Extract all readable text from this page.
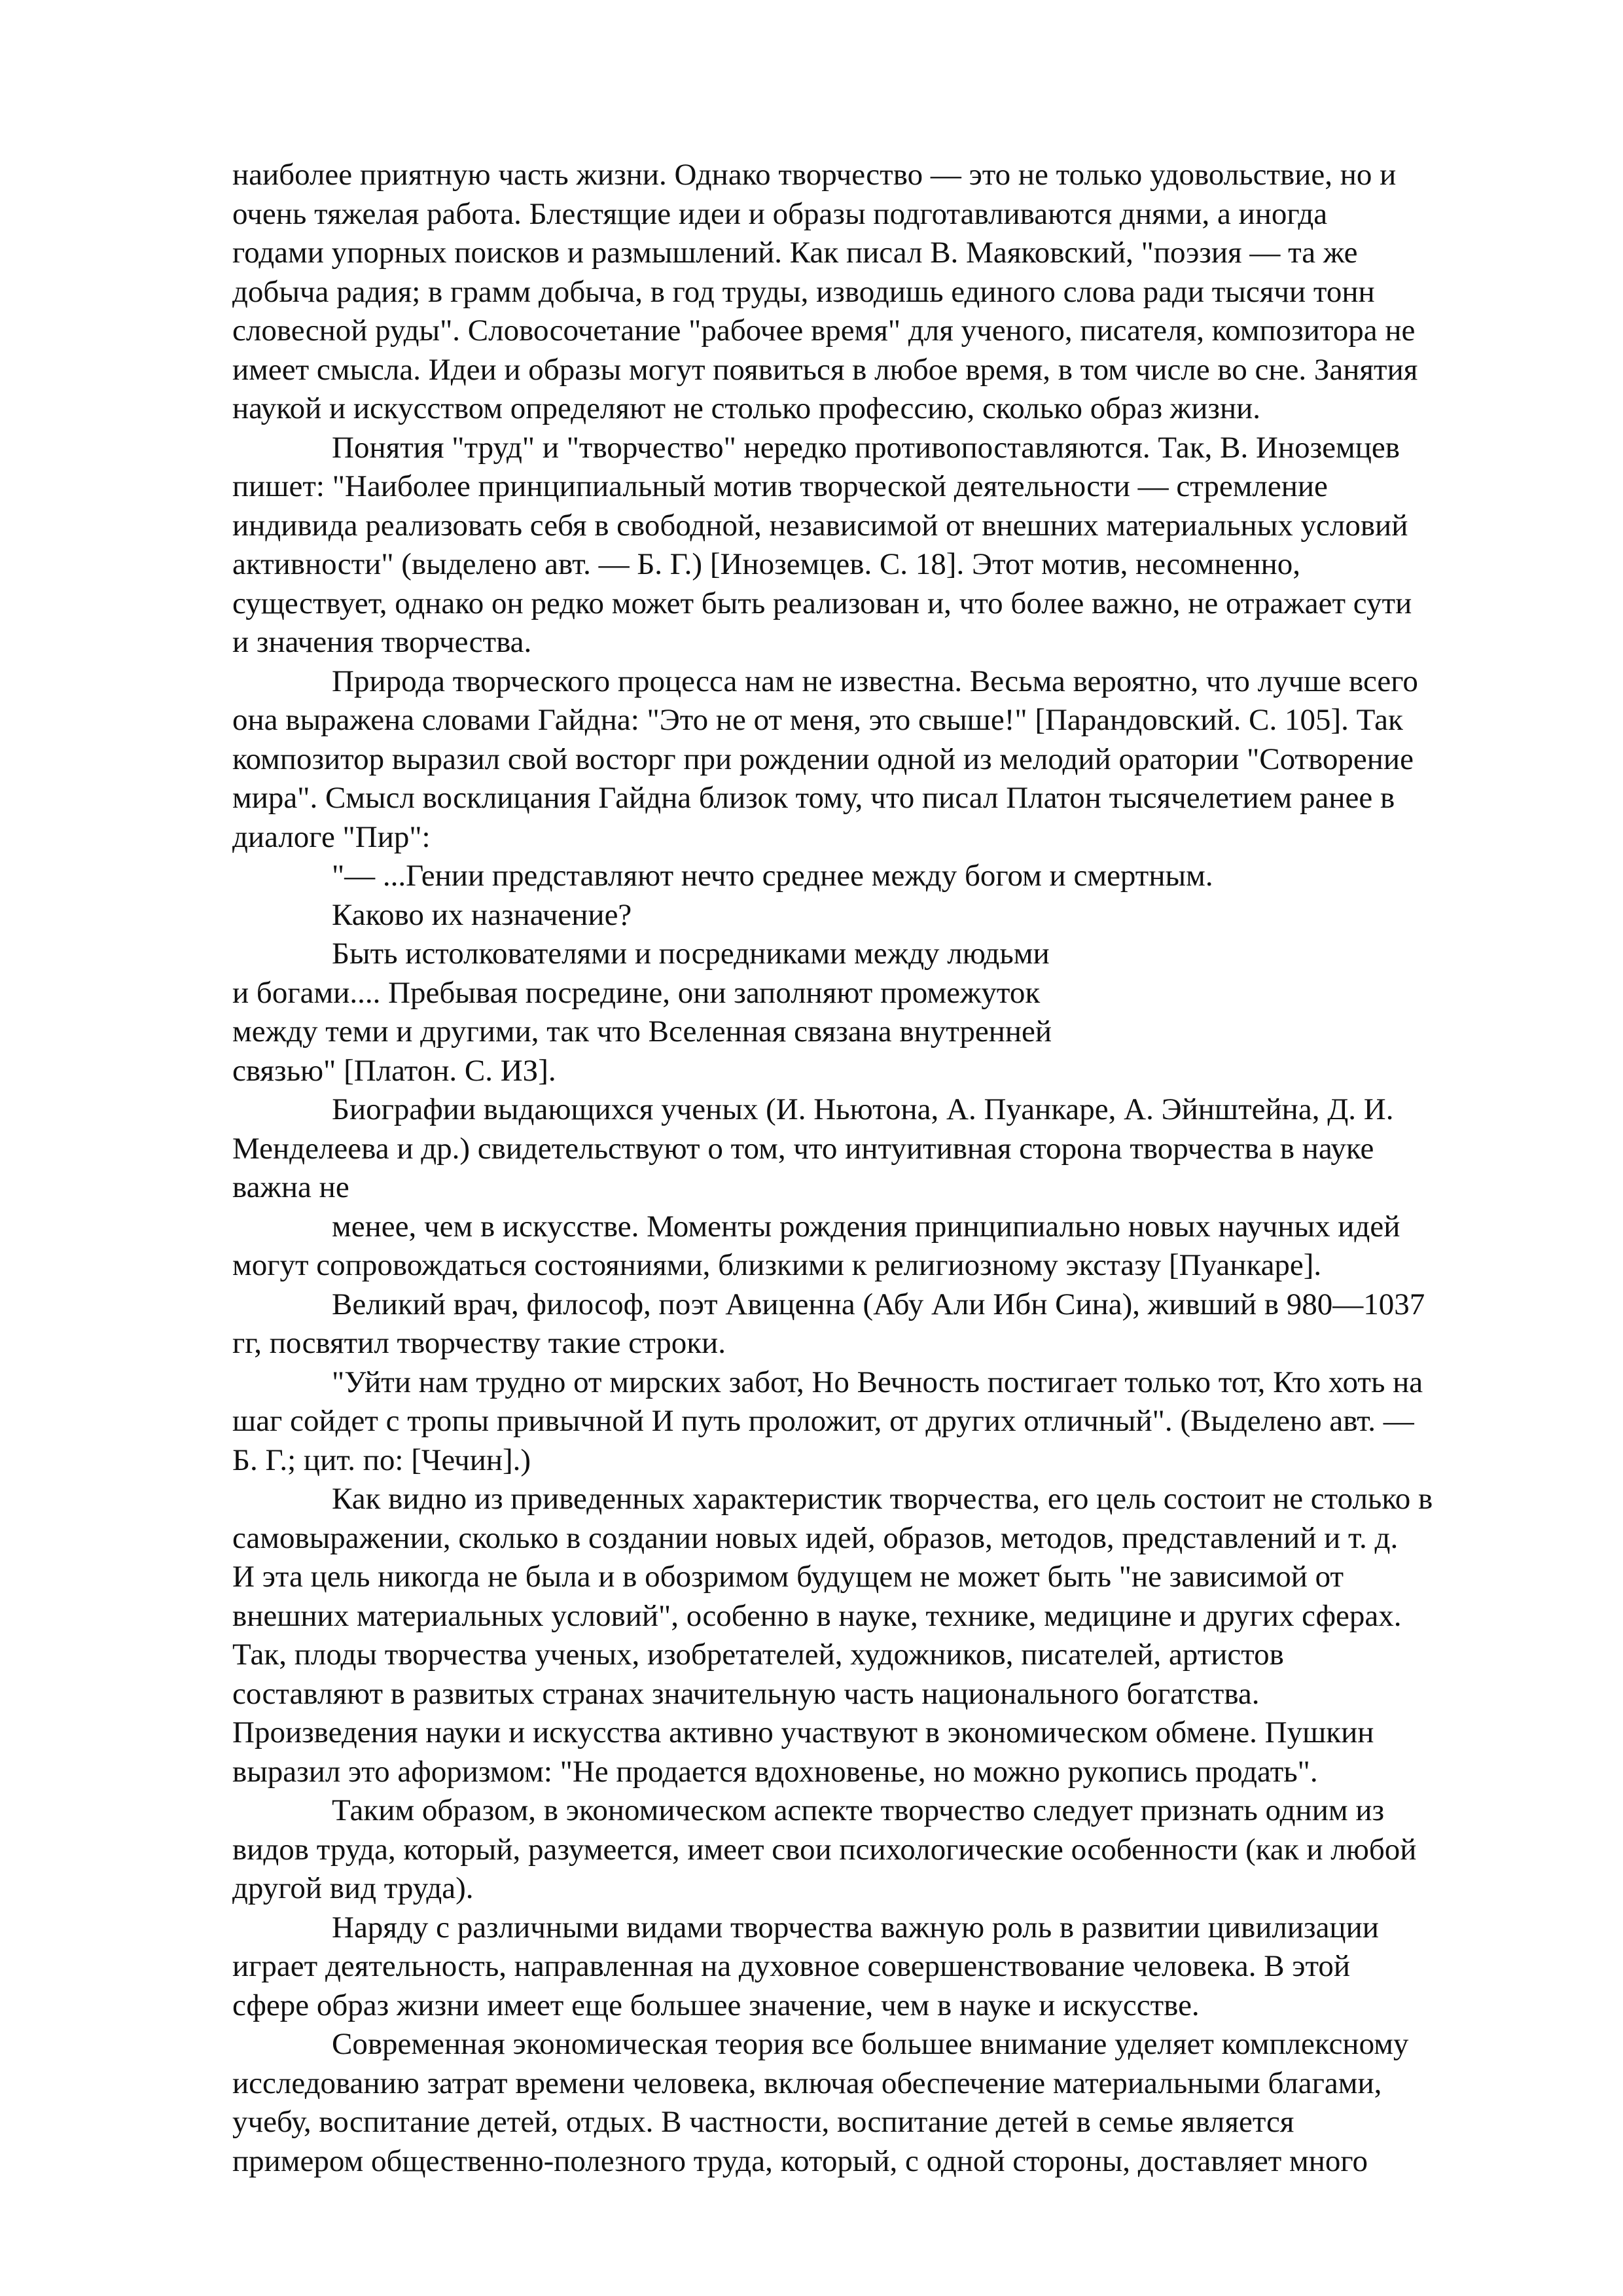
наиболее приятную часть жизни. Однако творчество — это не только удовольствие, но и
очень тяжелая работа. Блестящие идеи и образы подготавливаются днями, а иногда
годами упорных поисков и размышлений. Как писал В. Маяковский, "поэзия — та же
добыча радия; в грамм добыча, в год труды, изводишь единого слова ради тысячи тонн
словесной руды". Словосочетание "рабочее время" для ученого, писателя, композитора не
имеет смысла. Идеи и образы могут появиться в любое время, в том числе во сне. Занятия
наукой и искусством определяют не столько профессию, сколько образ жизни.

Понятия "труд" и "творчество" нередко противопоставляются. Так, В. Иноземцев
пишет: "Наиболее принципиальный мотив творческой деятельности — стремление
индивида реализовать себя в свободной, независимой от внешних материальных условий
активности" (выделено авт. — Б. Г.) [Иноземцев. С. 18]. Этот мотив, несомненно,
существует, однако он редко может быть реализован и, что более важно, не отражает сути
и значения творчества.

Природа творческого процесса нам не известна. Весьма вероятно, что лучше всего
она выражена словами Гайдна: "Это не от меня, это свыше!" [Парандовский. С. 105]. Так
композитор выразил свой восторг при рождении одной из мелодий оратории "Сотворение
мира". Смысл восклицания Гайдна близок тому, что писал Платон тысячелетием ранее в
диалоге "Пир":

"— ...Гении представляют нечто среднее между богом и смертным.

Каково их назначение?

Быть истолкователями и посредниками между людьми
и богами.... Пребывая посредине, они заполняют промежуток
между теми и другими, так что Вселенная связана внутренней
связью" [Платон. С. ИЗ].

Биографии выдающихся ученых (И. Ньютона, А. Пуанкаре, А. Эйнштейна, Д. И.
Менделеева и др.) свидетельствуют о том, что интуитивная сторона творчества в науке
важна не

менее, чем в искусстве. Моменты рождения принципиально новых научных идей
могут сопровождаться состояниями, близкими к религиозному экстазу [Пуанкаре].

Великий врач, философ, поэт Авиценна (Абу Али Ибн Сина), живший в 980—1037
гг, посвятил творчеству такие строки.

"Уйти нам трудно от мирских забот, Но Вечность постигает только тот, Кто хоть на
шаг сойдет с тропы привычной И путь проложит, от других отличный". (Выделено авт. —
Б. Г.; цит. по: [Чечин].)

Как видно из приведенных характеристик творчества, его цель состоит не столько в
самовыражении, сколько в создании новых идей, образов, методов, представлений и т. д.
И эта цель никогда не была и в обозримом будущем не может быть "не зависимой от
внешних материальных условий", особенно в науке, технике, медицине и других сферах.
Так, плоды творчества ученых, изобретателей, художников, писателей, артистов
составляют в развитых странах значительную часть национального богатства.
Произведения науки и искусства активно участвуют в экономическом обмене. Пушкин
выразил это афоризмом: "Не продается вдохновенье, но можно рукопись продать".

Таким образом, в экономическом аспекте творчество следует признать одним из
видов труда, который, разумеется, имеет свои психологические особенности (как и любой
другой вид труда).

Наряду с различными видами творчества важную роль в развитии цивилизации
играет деятельность, направленная на духовное совершенствование человека. В этой
сфере образ жизни имеет еще большее значение, чем в науке и искусстве.

Современная экономическая теория все большее внимание уделяет комплексному
исследованию затрат времени человека, включая обеспечение материальными благами,
учебу, воспитание детей, отдых. В частности, воспитание детей в семье является
примером общественно-полезного труда, который, с одной стороны, доставляет много
